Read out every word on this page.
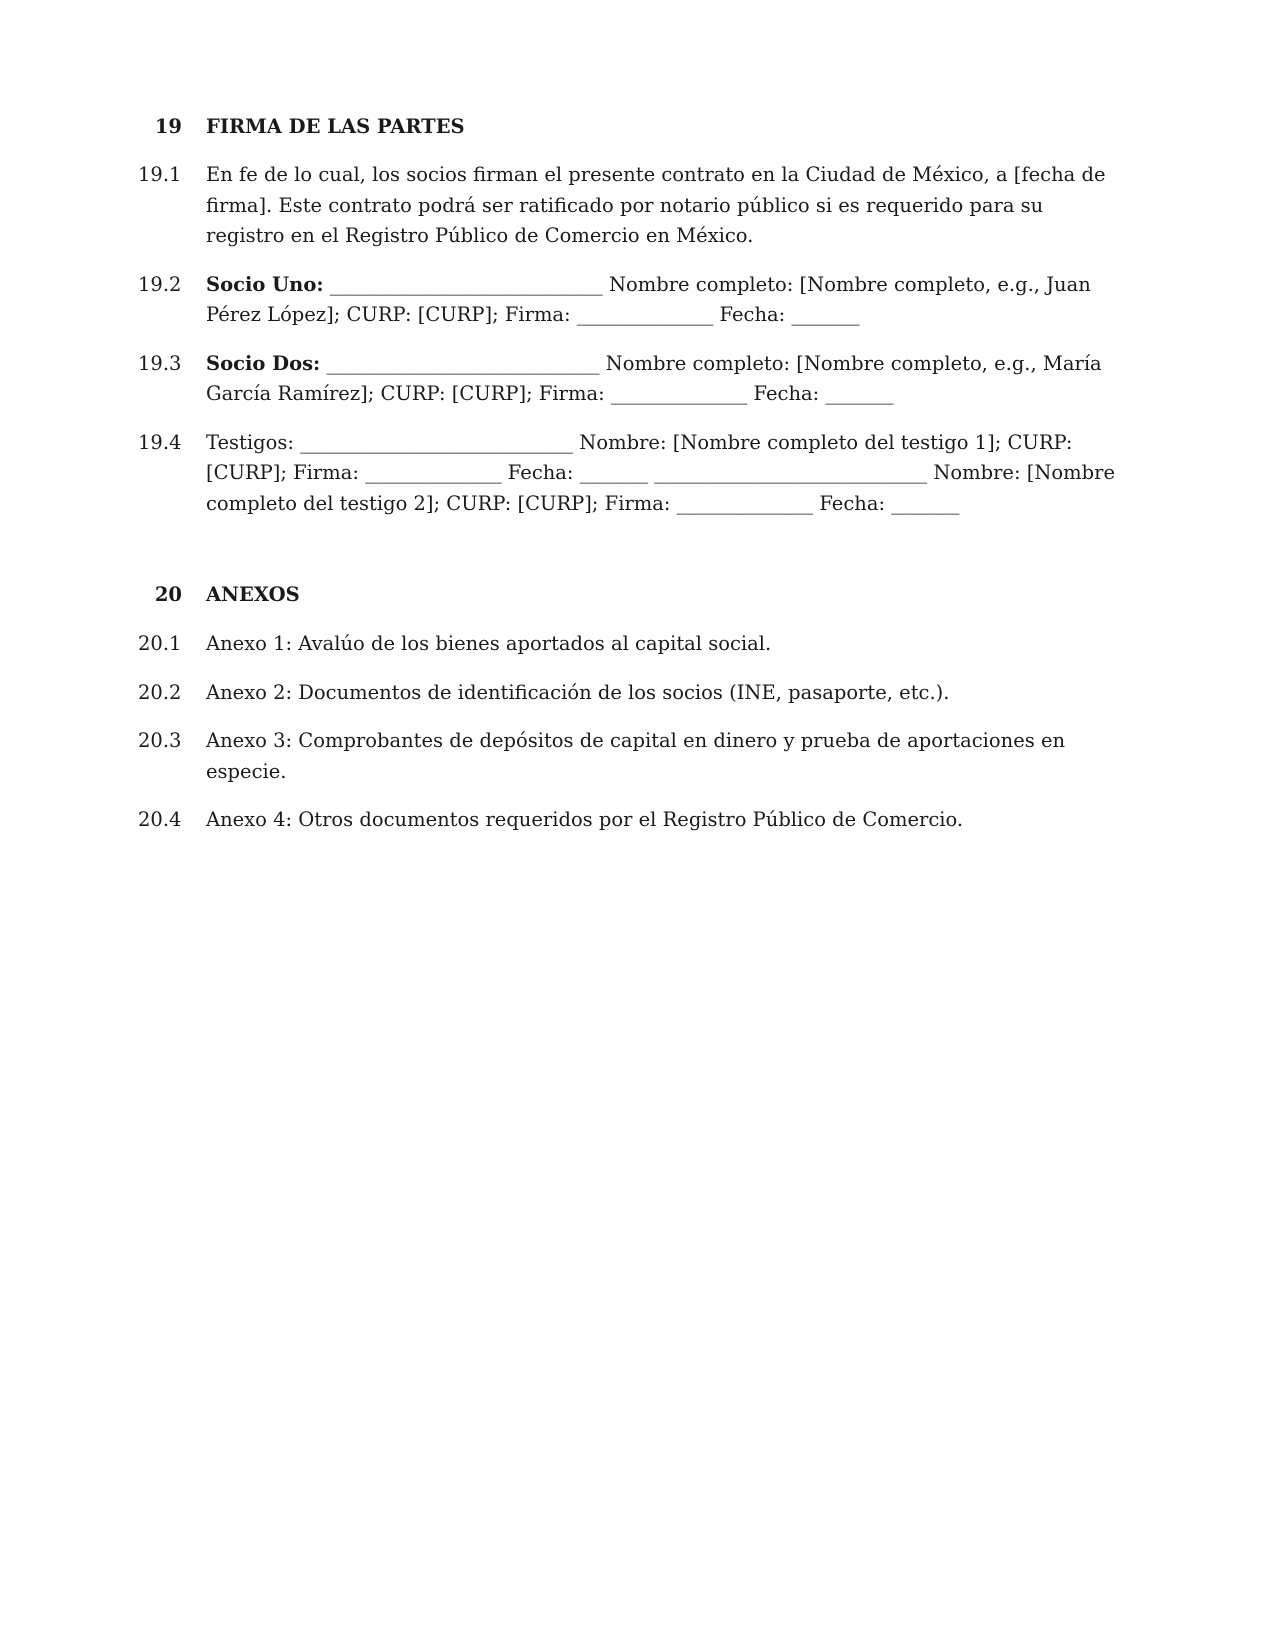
19 FIRMA DE LAS PARTES
19.1	En fe de lo cual, los socios firman el presente contrato en la Ciudad de México, a [fecha de firma]. Este contrato podrá ser ratificado por notario público si es requerido para su registro en el Registro Público de Comercio en México.
19.2	Socio Uno: ____________________________ Nombre completo: [Nombre completo, e.g., Juan Pérez López]; CURP: [CURP]; Firma: ______________ Fecha: _______
19.3	Socio Dos: ____________________________ Nombre completo: [Nombre completo, e.g., María García Ramírez]; CURP: [CURP]; Firma: ______________ Fecha: _______
19.4	Testigos: ____________________________ Nombre: [Nombre completo del testigo 1]; CURP: [CURP]; Firma: ______________ Fecha: _______ ____________________________ Nombre: [Nombre completo del testigo 2]; CURP: [CURP]; Firma: ______________ Fecha: _______
20 ANEXOS
20.1	Anexo 1: Avalúo de los bienes aportados al capital social.
20.2	Anexo 2: Documentos de identificación de los socios (INE, pasaporte, etc.).
20.3	Anexo 3: Comprobantes de depósitos de capital en dinero y prueba de aportaciones en especie.
20.4	Anexo 4: Otros documentos requeridos por el Registro Público de Comercio.
